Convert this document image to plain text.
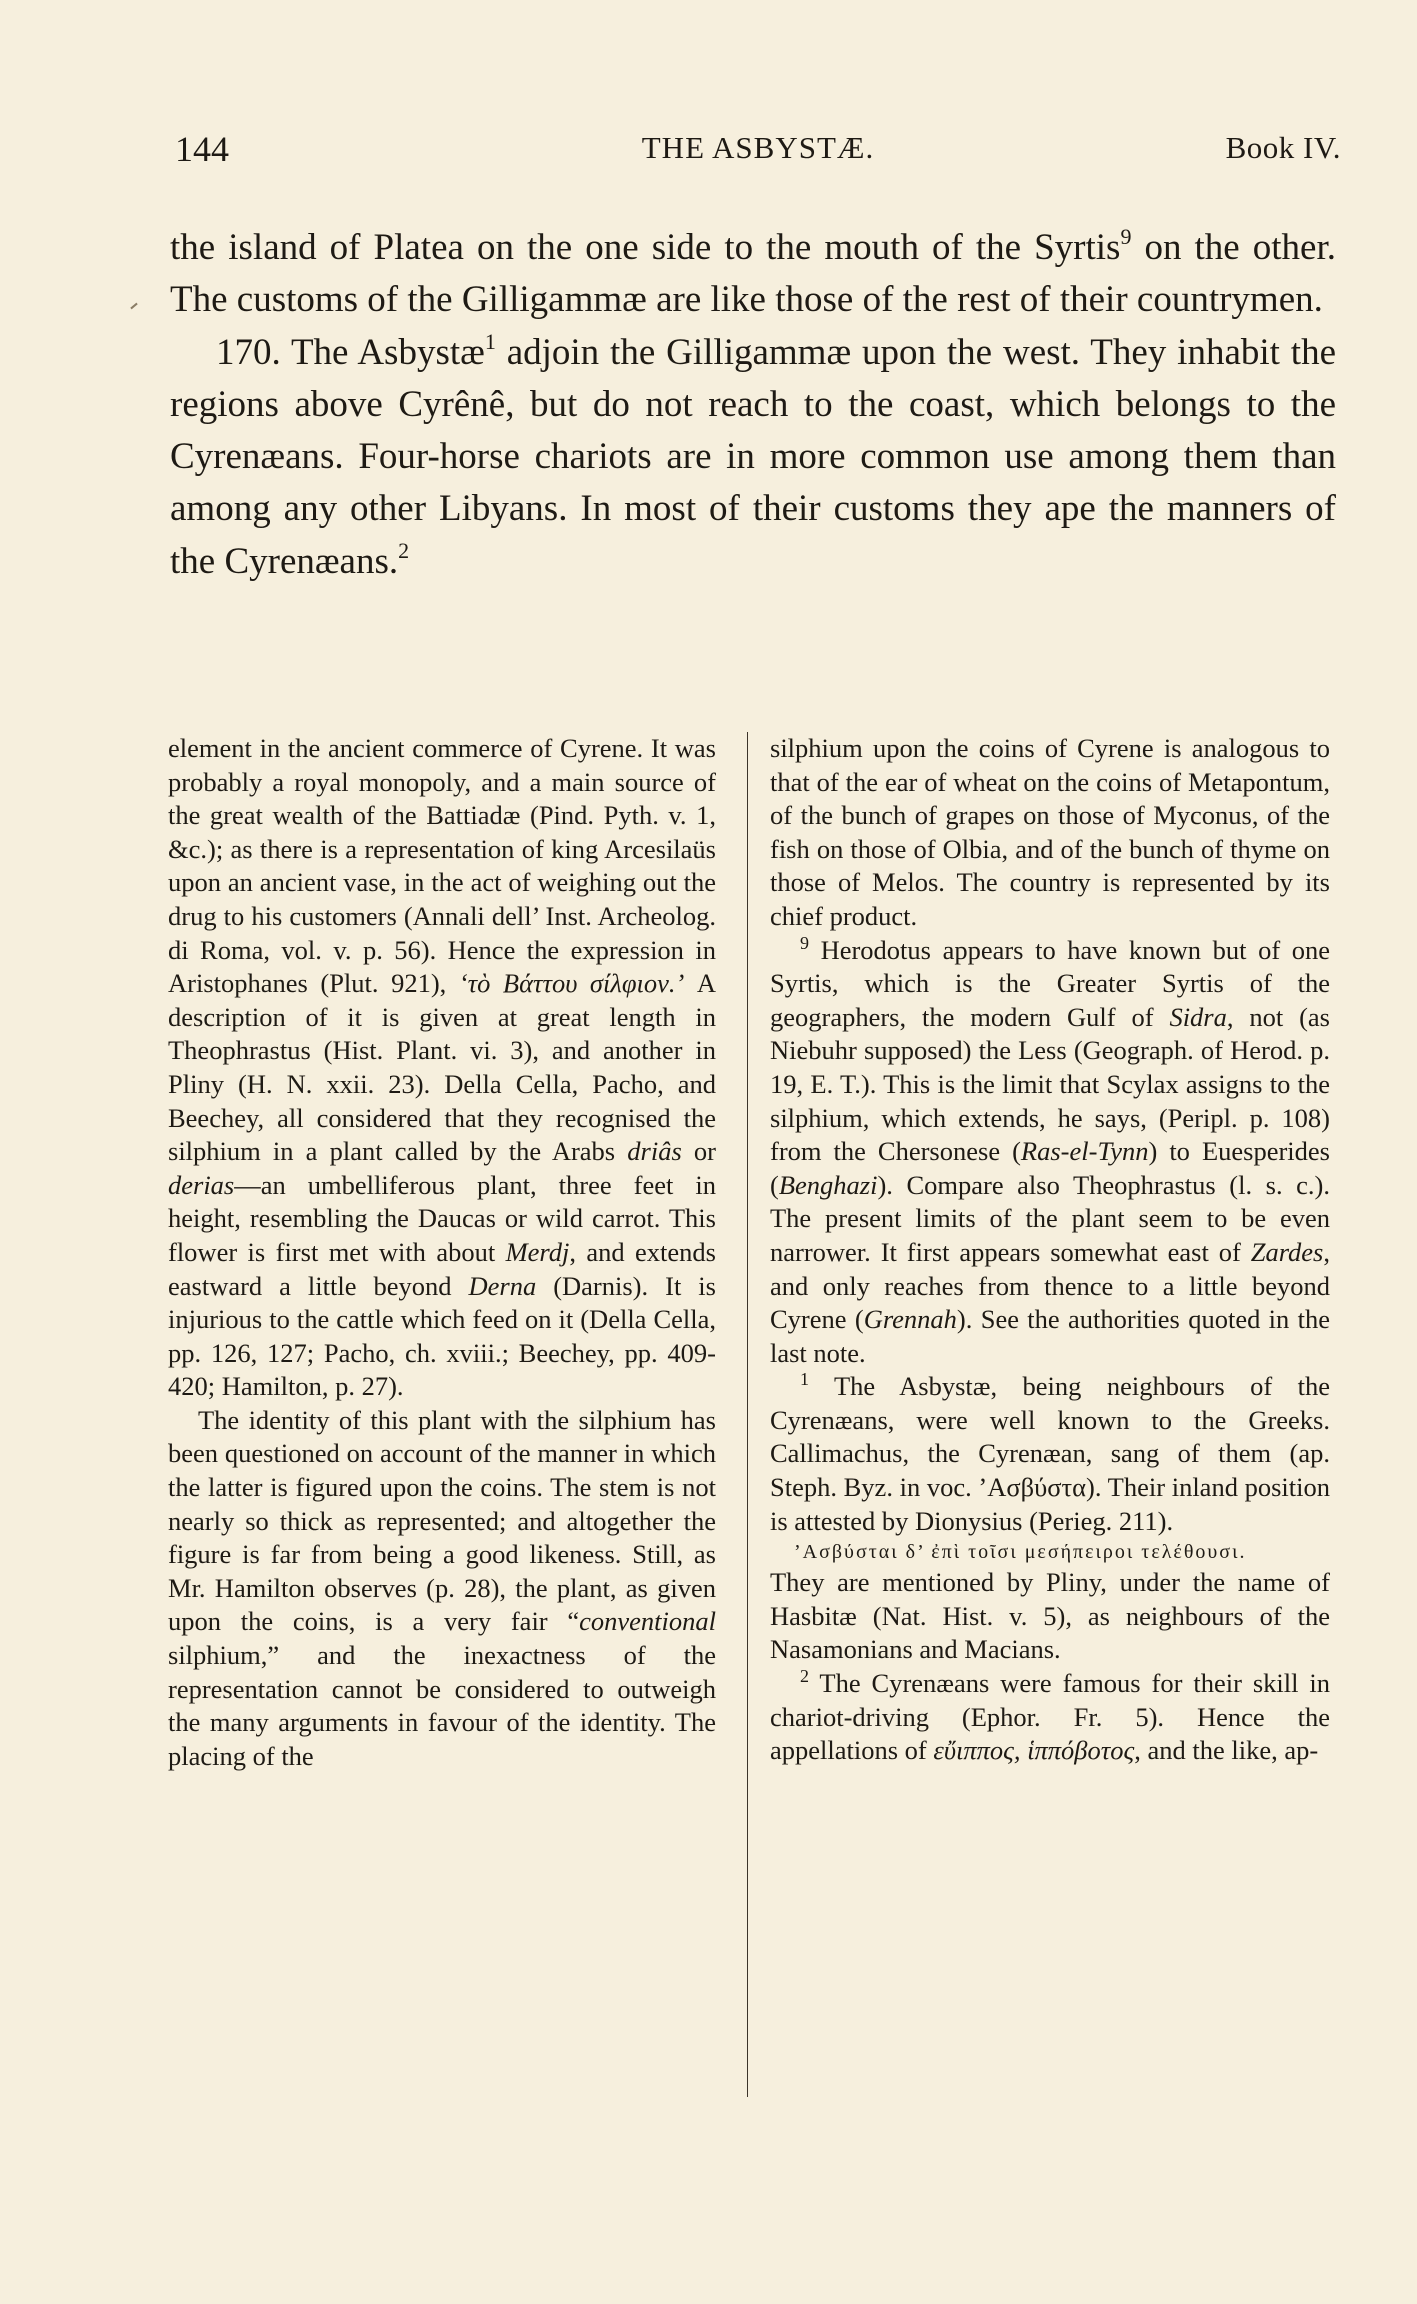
144	THE ASBYSTÆ.	Book IV.

the island of Platea on the one side to the mouth of the Syrtis$^9$ on the other. The customs of the Gilligammæ are like those of the rest of their countrymen.

170. The Asbystæ$^1$ adjoin the Gilligammæ upon the west. They inhabit the regions above Cyrênê, but do not reach to the coast, which belongs to the Cyrenæans. Four-horse chariots are in more common use among them than among any other Libyans. In most of their customs they ape the manners of the Cyrenæans.$^2$

element in the ancient commerce of Cyrene. It was probably a royal monopoly, and a main source of the great wealth of the Battiadæ (Pind. Pyth. v. 1, &c.); as there is a representation of king Arcesilaüs upon an ancient vase, in the act of weighing out the drug to his customers (Annali dell’ Inst. Archeolog. di Roma, vol. v. p. 56). Hence the expression in Aristophanes (Plut. 921), ‘τὸ Βάττου σίλφιον.’ A description of it is given at great length in Theophrastus (Hist. Plant. vi. 3), and another in Pliny (H. N. xxii. 23). Della Cella, Pacho, and Beechey, all considered that they recognised the silphium in a plant called by the Arabs driâs or derias—an umbelliferous plant, three feet in height, resembling the Daucas or wild carrot. This flower is first met with about Merdj, and extends eastward a little beyond Derna (Darnis). It is injurious to the cattle which feed on it (Della Cella, pp. 126, 127; Pacho, ch. xviii.; Beechey, pp. 409-420; Hamilton, p. 27).

The identity of this plant with the silphium has been questioned on account of the manner in which the latter is figured upon the coins. The stem is not nearly so thick as represented; and altogether the figure is far from being a good likeness. Still, as Mr. Hamilton observes (p. 28), the plant, as given upon the coins, is a very fair “conventional silphium,” and the inexactness of the representation cannot be considered to outweigh the many arguments in favour of the identity. The placing of the

silphium upon the coins of Cyrene is analogous to that of the ear of wheat on the coins of Metapontum, of the bunch of grapes on those of Myconus, of the fish on those of Olbia, and of the bunch of thyme on those of Melos. The country is represented by its chief product.

$^9$ Herodotus appears to have known but of one Syrtis, which is the Greater Syrtis of the geographers, the modern Gulf of Sidra, not (as Niebuhr supposed) the Less (Geograph. of Herod. p. 19, E. T.). This is the limit that Scylax assigns to the silphium, which extends, he says, (Peripl. p. 108) from the Chersonese (Ras-el-Tynn) to Euesperides (Benghazi). Compare also Theophrastus (l. s. c.). The present limits of the plant seem to be even narrower. It first appears somewhat east of Zardes, and only reaches from thence to a little beyond Cyrene (Grennah). See the authorities quoted in the last note.

$^1$ The Asbystæ, being neighbours of the Cyrenæans, were well known to the Greeks. Callimachus, the Cyrenæan, sang of them (ap. Steph. Byz. in voc. ’Ασβύστα). Their inland position is attested by Dionysius (Perieg. 211).

’Ασβύσται δ’ ἐπὶ τοῖσι μεσήπειροι τελέθουσι.

They are mentioned by Pliny, under the name of Hasbitæ (Nat. Hist. v. 5), as neighbours of the Nasamonians and Macians.

$^2$ The Cyrenæans were famous for their skill in chariot-driving (Ephor. Fr. 5). Hence the appellations of εὔιππος, ἱππόβοτος, and the like, ap-
